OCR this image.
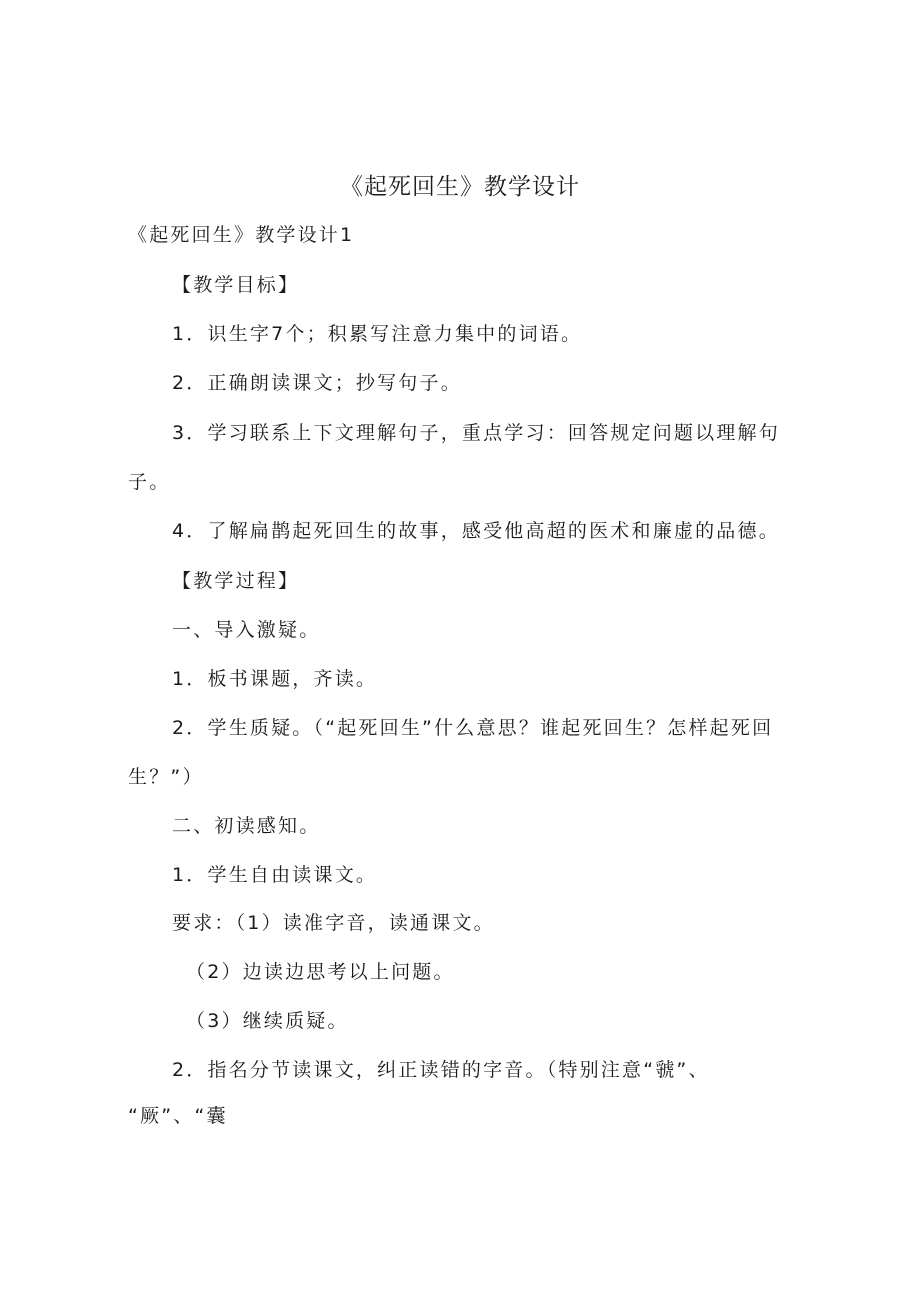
《起死回生》教学设计
《起死回生》教学设计1
【教学目标】
1．识生字7个；积累写注意力集中的词语。
2．正确朗读课文；抄写句子。
3．学习联系上下文理解句子，重点学习：回答规定问题以理解句
子。
4．了解扁鹊起死回生的故事，感受他高超的医术和廉虚的品德。
【教学过程】
一、导入激疑。
1．板书课题，齐读。
2．学生质疑。（“起死回生”什么意思？谁起死回生？怎样起死回
生？”）
二、初读感知。
1．学生自由读课文。
要求：（1）读准字音，读通课文。
（2）边读边思考以上问题。
（3）继续质疑。
2．指名分节读课文，纠正读错的字音。（特别注意“虢”、
“厥”、“囊
